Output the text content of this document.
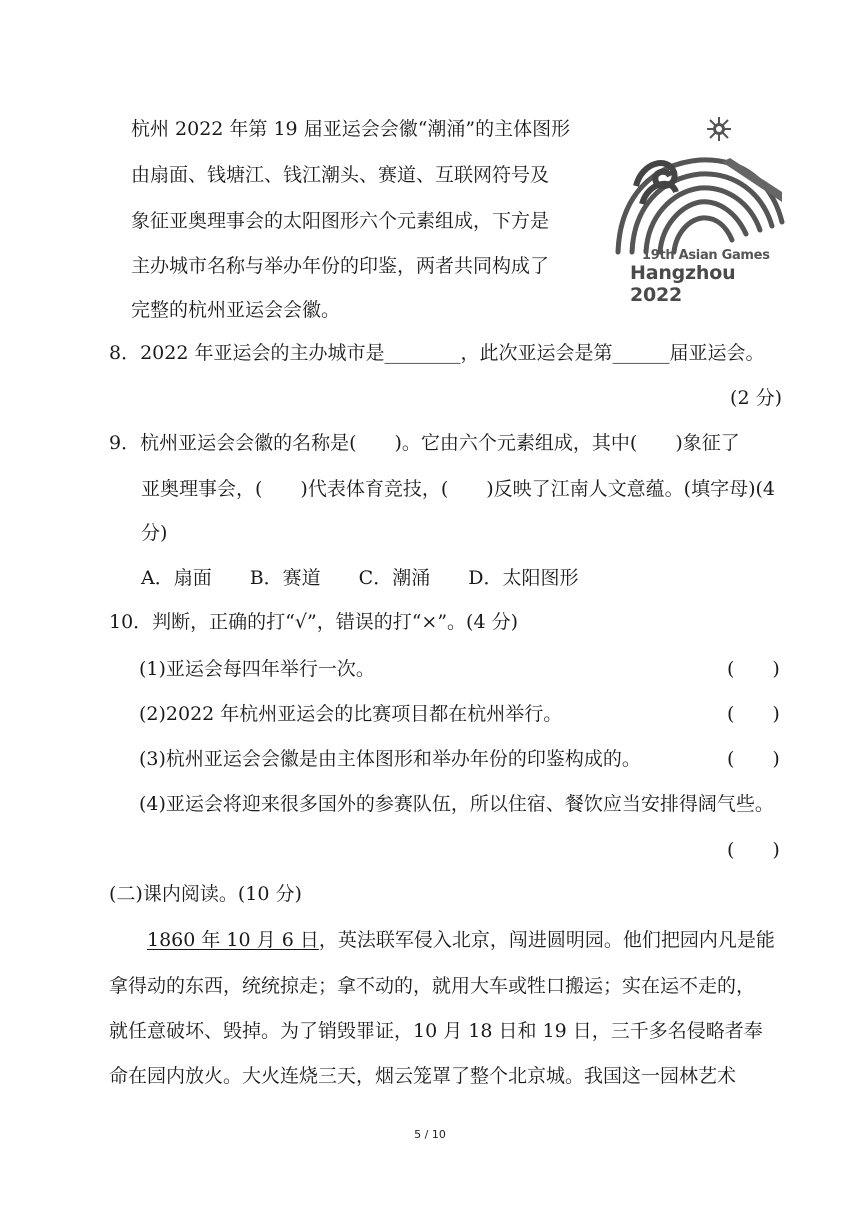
杭州 2022 年第 19 届亚运会会徽“潮涌”的主体图形
由扇面、钱塘江、钱江潮头、赛道、互联网符号及
象征亚奥理事会的太阳图形六个元素组成，下方是
主办城市名称与举办年份的印鉴，两者共同构成了
完整的杭州亚运会会徽。
19th Asian Games
Hangzhou 2022
8．2022 年亚运会的主办城市是________，此次亚运会是第______届亚运会。
(2 分)
9．杭州亚运会会徽的名称是(　　)。它由六个元素组成，其中(　　)象征了
亚奥理事会，(　　)代表体育竞技，(　　)反映了江南人文意蕴。(填字母)(4
分)
A．扇面　　B．赛道　　C．潮涌　　D．太阳图形
10．判断，正确的打“√”，错误的打“×”。(4 分)
(1)亚运会每四年举行一次。	(　　)
(2)2022 年杭州亚运会的比赛项目都在杭州举行。	(　　)
(3)杭州亚运会会徽是由主体图形和举办年份的印鉴构成的。	(　　)
(4)亚运会将迎来很多国外的参赛队伍，所以住宿、餐饮应当安排得阔气些。
(　　)
(二)课内阅读。(10 分)
1860 年 10 月 6 日，英法联军侵入北京，闯进圆明园。他们把园内凡是能
拿得动的东西，统统掠走；拿不动的，就用大车或牲口搬运；实在运不走的，
就任意破坏、毁掉。为了销毁罪证，10 月 18 日和 19 日，三千多名侵略者奉
命在园内放火。大火连烧三天，烟云笼罩了整个北京城。我国这一园林艺术
5 / 10
